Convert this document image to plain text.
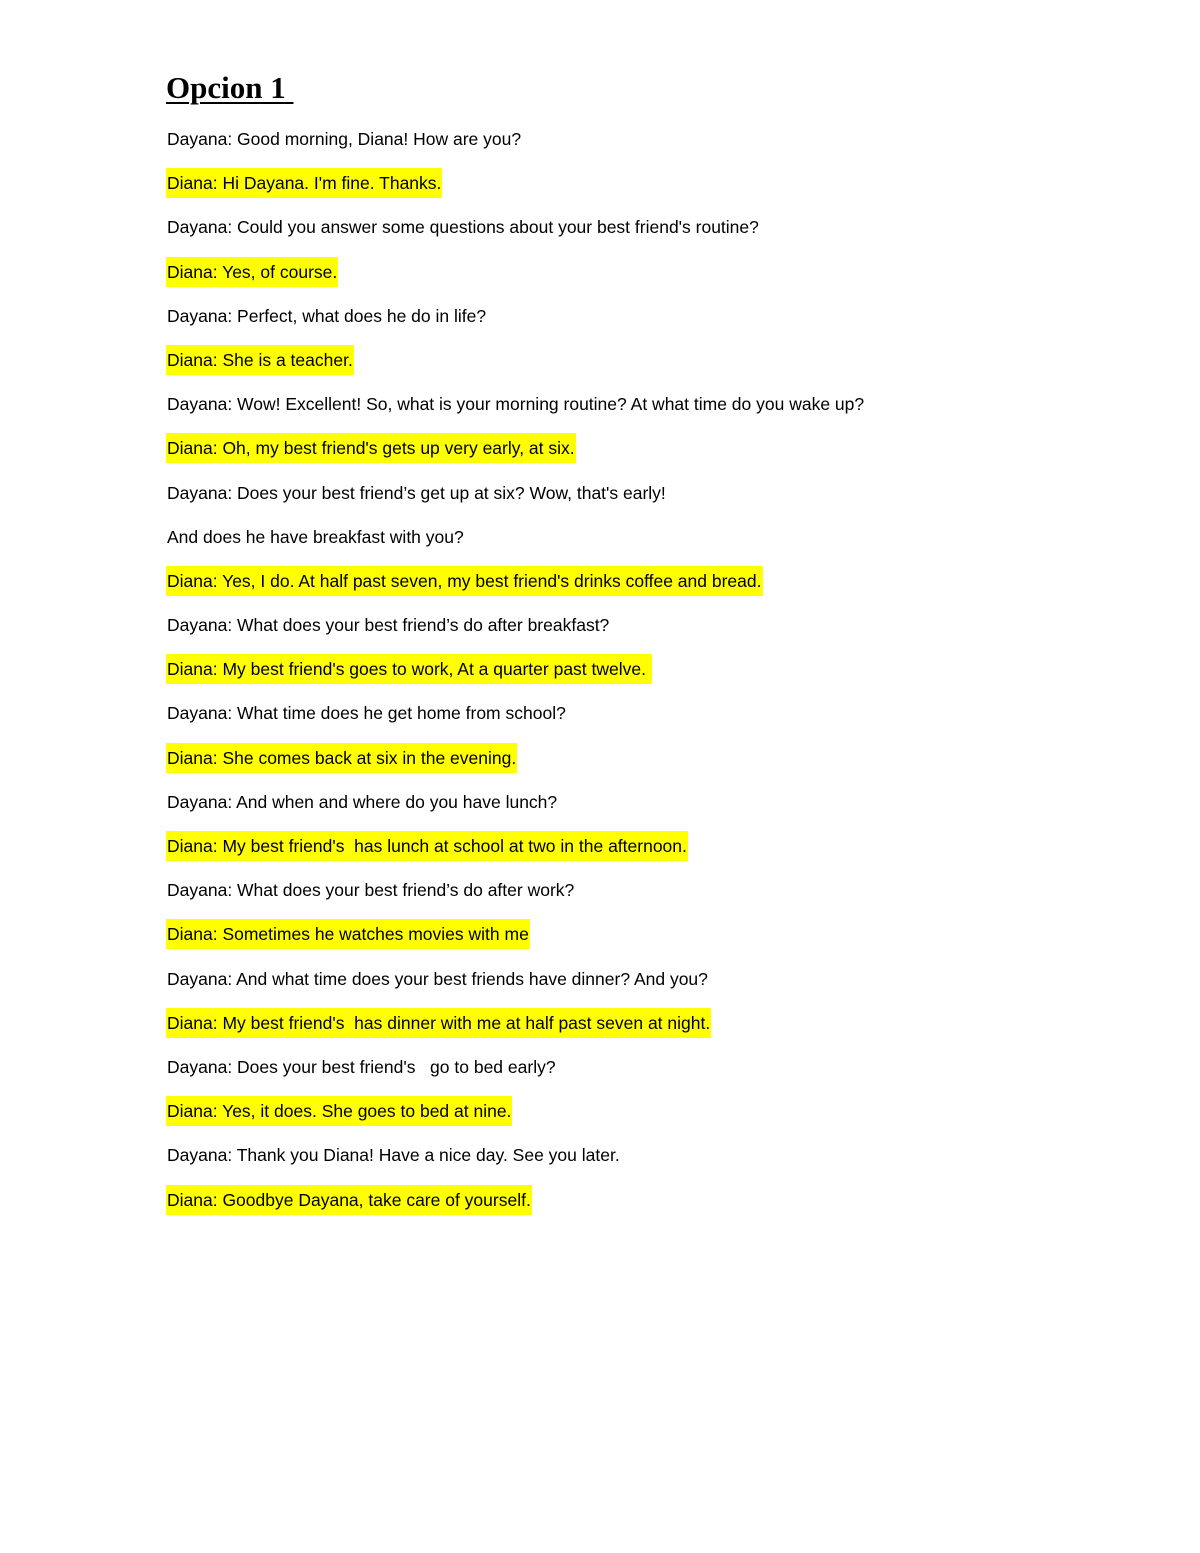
Opcion 1
Dayana: Good morning, Diana! How are you?
Diana: Hi Dayana. I'm fine. Thanks.
Dayana: Could you answer some questions about your best friend's routine?
Diana: Yes, of course.
Dayana: Perfect, what does he do in life?
Diana: She is a teacher.
Dayana: Wow! Excellent! So, what is your morning routine? At what time do you wake up?
Diana: Oh, my best friend's gets up very early, at six.
Dayana: Does your best friend’s get up at six? Wow, that's early!
And does he have breakfast with you?
Diana: Yes, I do. At half past seven, my best friend's drinks coffee and bread.
Dayana: What does your best friend’s do after breakfast?
Diana: My best friend's goes to work, At a quarter past twelve.
Dayana: What time does he get home from school?
Diana: She comes back at six in the evening.
Dayana: And when and where do you have lunch?
Diana: My best friend's  has lunch at school at two in the afternoon.
Dayana: What does your best friend’s do after work?
Diana: Sometimes he watches movies with me
Dayana: And what time does your best friends have dinner? And you?
Diana: My best friend's  has dinner with me at half past seven at night.
Dayana: Does your best friend's   go to bed early?
Diana: Yes, it does. She goes to bed at nine.
Dayana: Thank you Diana! Have a nice day. See you later.
Diana: Goodbye Dayana, take care of yourself.
